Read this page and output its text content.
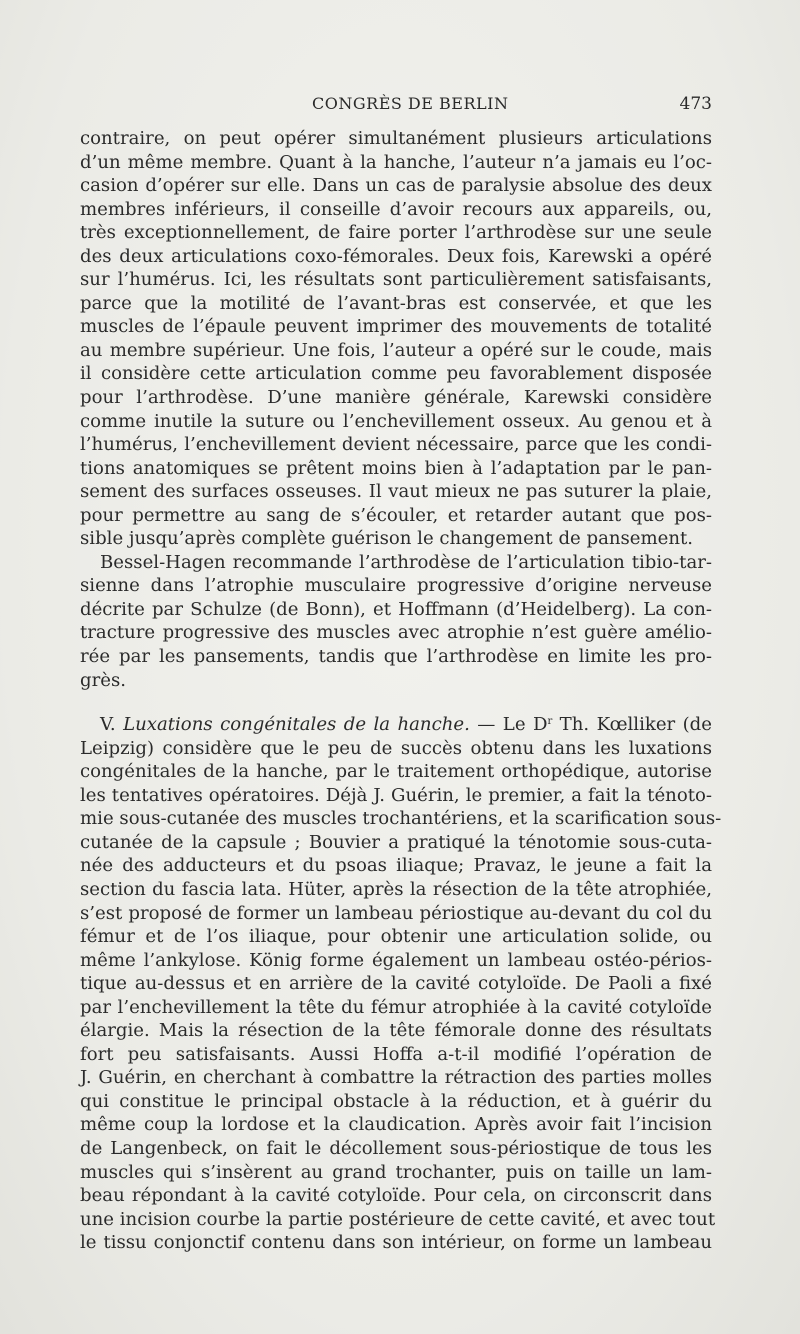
CONGRÈS DE BERLIN	473
contraire, on peut opérer simultanément plusieurs articulations
d’un même membre. Quant à la hanche, l’auteur n’a jamais eu l’oc-
casion d’opérer sur elle. Dans un cas de paralysie absolue des deux
membres inférieurs, il conseille d’avoir recours aux appareils, ou,
très exceptionnellement, de faire porter l’arthrodèse sur une seule
des deux articulations coxo-fémorales. Deux fois, Karewski a opéré
sur l’humérus. Ici, les résultats sont particulièrement satisfaisants,
parce que la motilité de l’avant-bras est conservée, et que les
muscles de l’épaule peuvent imprimer des mouvements de totalité
au membre supérieur. Une fois, l’auteur a opéré sur le coude, mais
il considère cette articulation comme peu favorablement disposée
pour l’arthrodèse. D’une manière générale, Karewski considère
comme inutile la suture ou l’enchevillement osseux. Au genou et à
l’humérus, l’enchevillement devient nécessaire, parce que les condi-
tions anatomiques se prêtent moins bien à l’adaptation par le pan-
sement des surfaces osseuses. Il vaut mieux ne pas suturer la plaie,
pour permettre au sang de s’écouler, et retarder autant que pos-
sible jusqu’après complète guérison le changement de pansement.
Bessel-Hagen recommande l’arthrodèse de l’articulation tibio-tar-
sienne dans l’atrophie musculaire progressive d’origine nerveuse
décrite par Schulze (de Bonn), et Hoffmann (d’Heidelberg). La con-
tracture progressive des muscles avec atrophie n’est guère amélio-
rée par les pansements, tandis que l’arthrodèse en limite les pro-
grès.
V. Luxations congénitales de la hanche. — Le $D^r$ Th. Kœlliker (de
Leipzig) considère que le peu de succès obtenu dans les luxations
congénitales de la hanche, par le traitement orthopédique, autorise
les tentatives opératoires. Déjà J. Guérin, le premier, a fait la ténoto-
mie sous-cutanée des muscles trochantériens, et la scarification sous-
cutanée de la capsule ; Bouvier a pratiqué la ténotomie sous-cuta-
née des adducteurs et du psoas iliaque; Pravaz, le jeune a fait la
section du fascia lata. Hüter, après la résection de la tête atrophiée,
s’est proposé de former un lambeau périostique au-devant du col du
fémur et de l’os iliaque, pour obtenir une articulation solide, ou
même l’ankylose. König forme également un lambeau ostéo-périos-
tique au-dessus et en arrière de la cavité cotyloïde. De Paoli a fixé
par l’enchevillement la tête du fémur atrophiée à la cavité cotyloïde
élargie. Mais la résection de la tête fémorale donne des résultats
fort peu satisfaisants. Aussi Hoffa a-t-il modifié l’opération de
J. Guérin, en cherchant à combattre la rétraction des parties molles
qui constitue le principal obstacle à la réduction, et à guérir du
même coup la lordose et la claudication. Après avoir fait l’incision
de Langenbeck, on fait le décollement sous-périostique de tous les
muscles qui s’insèrent au grand trochanter, puis on taille un lam-
beau répondant à la cavité cotyloïde. Pour cela, on circonscrit dans
une incision courbe la partie postérieure de cette cavité, et avec tout
le tissu conjonctif contenu dans son intérieur, on forme un lambeau
